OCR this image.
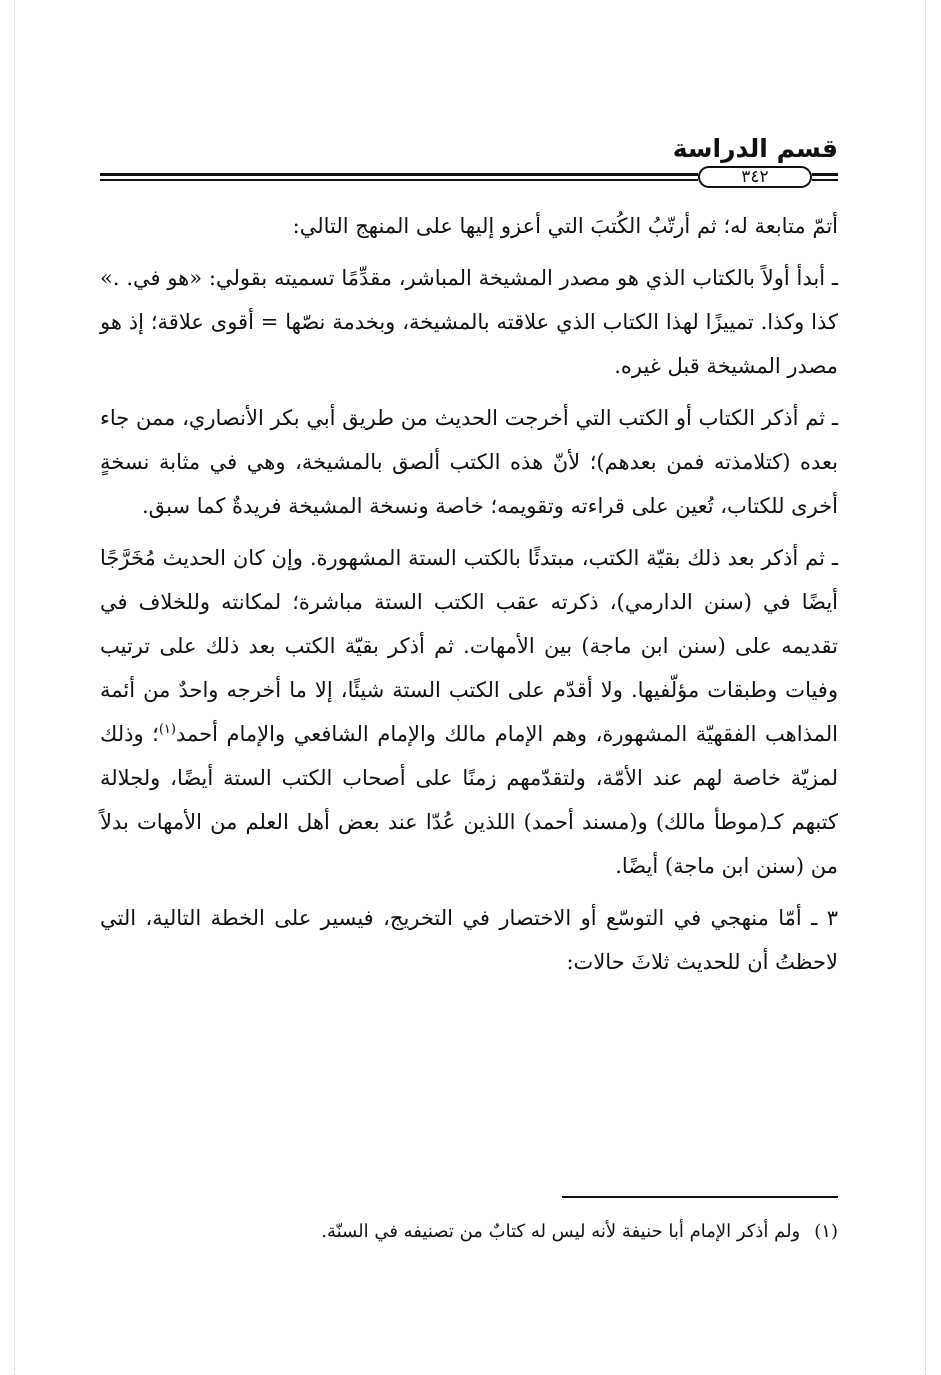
قسم الدراسة
٣٤٢

أتمّ متابعة له؛ ثم أرتّبُ الكُتبَ التي أعزو إليها على المنهج التالي:

ـ أبدأ أولاً بالكتاب الذي هو مصدر المشيخة المباشر، مقدِّمًا تسميته بقولي: «هو في. .» كذا وكذا. تمييزًا لهذا الكتاب الذي علاقته بالمشيخة، وبخدمة نصّها = أقوى علاقة؛ إذ هو مصدر المشيخة قبل غيره.

ـ ثم أذكر الكتاب أو الكتب التي أخرجت الحديث من طريق أبي بكر الأنصاري، ممن جاء بعده (كتلامذته فمن بعدهم)؛ لأنّ هذه الكتب ألصق بالمشيخة، وهي في مثابة نسخةٍ أخرى للكتاب، تُعين على قراءته وتقويمه؛ خاصة ونسخة المشيخة فريدةٌ كما سبق.

ـ ثم أذكر بعد ذلك بقيّة الكتب، مبتدئًا بالكتب الستة المشهورة. وإن كان الحديث مُخَرَّجًا أيضًا في (سنن الدارمي)، ذكرته عقب الكتب الستة مباشرة؛ لمكانته وللخلاف في تقديمه على (سنن ابن ماجة) بين الأمهات. ثم أذكر بقيّة الكتب بعد ذلك على ترتيب وفيات وطبقات مؤلّفيها. ولا أقدّم على الكتب الستة شيئًا، إلا ما أخرجه واحدٌ من أئمة المذاهب الفقهيّة المشهورة، وهم الإمام مالك والإمام الشافعي والإمام أحمد$^{(١)}$؛ وذلك لمزيّة خاصة لهم عند الأمّة، ولتقدّمهم زمنًا على أصحاب الكتب الستة أيضًا، ولجلالة كتبهم كـ(موطأ مالك) و(مسند أحمد) اللذين عُدّا عند بعض أهل العلم من الأمهات بدلاً من (سنن ابن ماجة) أيضًا.

٣ ـ أمّا منهجي في التوسّع أو الاختصار في التخريج، فيسير على الخطة التالية، التي لاحظتُ أن للحديث ثلاثَ حالات:

(١)ولم أذكر الإمام أبا حنيفة لأنه ليس له كتابٌ من تصنيفه في السنّة.
